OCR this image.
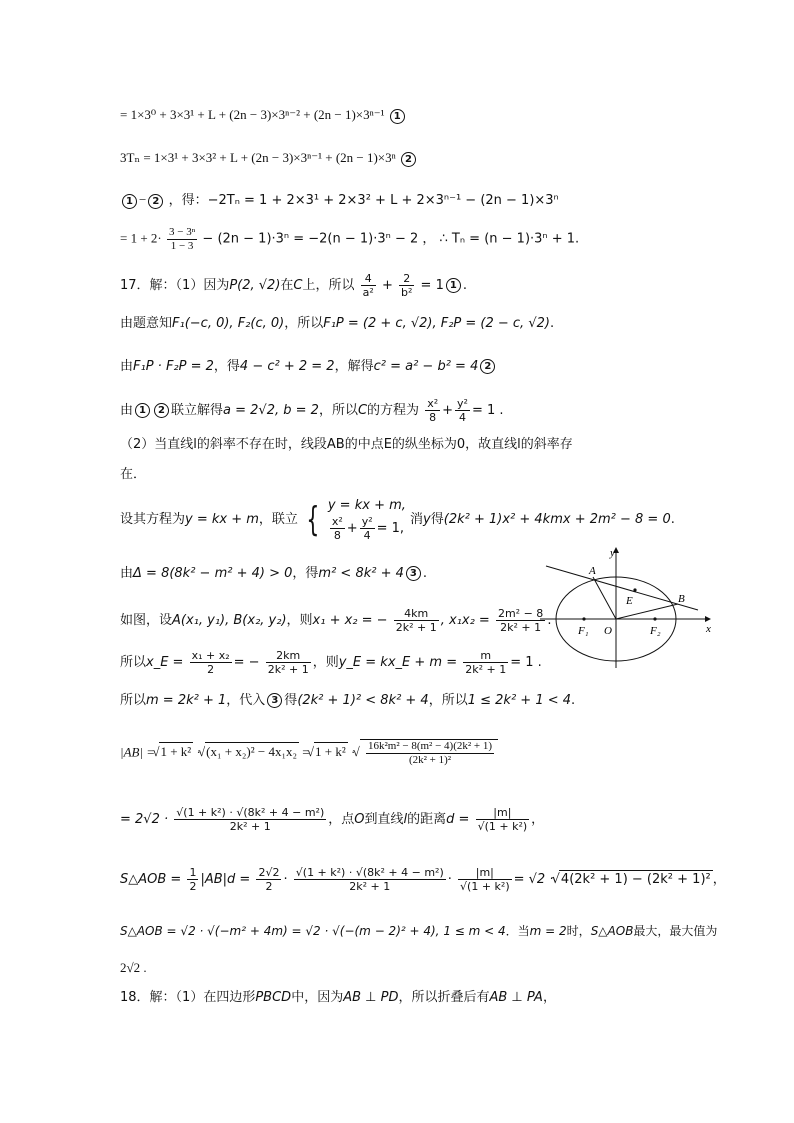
= 1×3⁰ + 3×3¹ + L + (2n − 3)×3ⁿ⁻² + (2n − 1)×3ⁿ⁻¹ 1
3Tₙ = 1×3¹ + 3×3² + L + (2n − 3)×3ⁿ⁻¹ + (2n − 1)×3ⁿ 2
1 − 2 ，得：−2Tₙ = 1 + 2×3¹ + 2×3² + L + 2×3ⁿ⁻¹ − (2n − 1)×3ⁿ
= $1 + 2\cdot \frac{\text{3 − 3ⁿ}}{1 - 3} - (2n - 1)\cdot 3^n = -2(n - 1)\cdot 3^n - 2$ ， ∴ Tₙ = (n − 1)·3ⁿ + 1.
17．解：（1）因为P(2, √2)在C上，所以 $\frac{4}{\text{a²}} + \frac{2}{\text{b²}} = 1$ 1 .
由题意知F₁(−c, 0), F₂(c, 0)，所以F₁P = (2 + c, √2), F₂P = (2 − c, √2).
由F₁P · F₂P = 2，得4 − c² + 2 = 2，解得c² = a² − b² = 4 2
由 1 2 联立解得a = 2√2, b = 2，所以C的方程为 $\frac{\text{x²}}{8} + \frac{\text{y²}}{4} = 1$ .
（2）当直线l的斜率不存在时，线段AB的中点E的纵坐标为0，故直线l的斜率存
在．
设其方程为y = kx + m，联立 { y = kx + m,
$\frac{\text{x²}}{8} + \frac{\text{y²}}{4} = 1$,
消y得(2k² + 1)x² + 4kmx + 2m² − 8 = 0.
由Δ = 8(8k² − m² + 4) > 0，得m² < 8k² + 4 3 .
如图，设A(x₁, y₁), B(x₂, y₂)，则x₁ + x₂ = − $\frac{4km}{\text{2k² + 1}}$ , $x_1x_2 = \frac{\text{2m² − 8}}{\text{2k² + 1}}$ .
所以x_E = $\frac{\text{x₁ + x₂}}{2}$ = − $\frac{2km}{\text{2k² + 1}}$ ，则y_E = kx_E + $m = \frac{m}{\text{2k² + 1}} = 1$ .
所以m = 2k² + 1，代入 3 得(2k² + 1)² < 8k² + 4，所以1 ≤ 2k² + 1 < 4.
|AB| = √ 1 + k² · √ (x₁ + x₂)² − 4x₁x₂ = √ 1 + k² · √ $\frac{\text{16k²m² − 8(m² − 4)(2k² + 1)}}{\text{(2k² + 1)²}}$
= $2√2 \cdot \frac{\text{√(1 + k²) · √(8k² + 4 − m²)}}{\text{2k² + 1}}$ ，点O到直线l的距离$d = \frac{|m|}{\text{√(1 + k²)}}$ ，
S△AOB = $\frac{1}{2} |AB|d = \frac{2√2}{2} \cdot \frac{\text{√(1 + k²) · √(8k² + 4 − m²)}}{\text{2k² + 1}} \cdot \frac{|m|}{\text{√(1 + k²)}} = √2$ · √ 4(2k² + 1) − (2k² + 1)² ，
S△AOB = √2 · √(−m² + 4m) = √2 · √(−(m − 2)² + 4), 1 ≤ m < 4．当m = 2时，S△AOB最大，最大值为
2√2 .
18．解：（1）在四边形PBCD中，因为AB ⊥ PD，所以折叠后有AB ⊥ PA，
y
x
A
B
E
F₁ O	F₂
